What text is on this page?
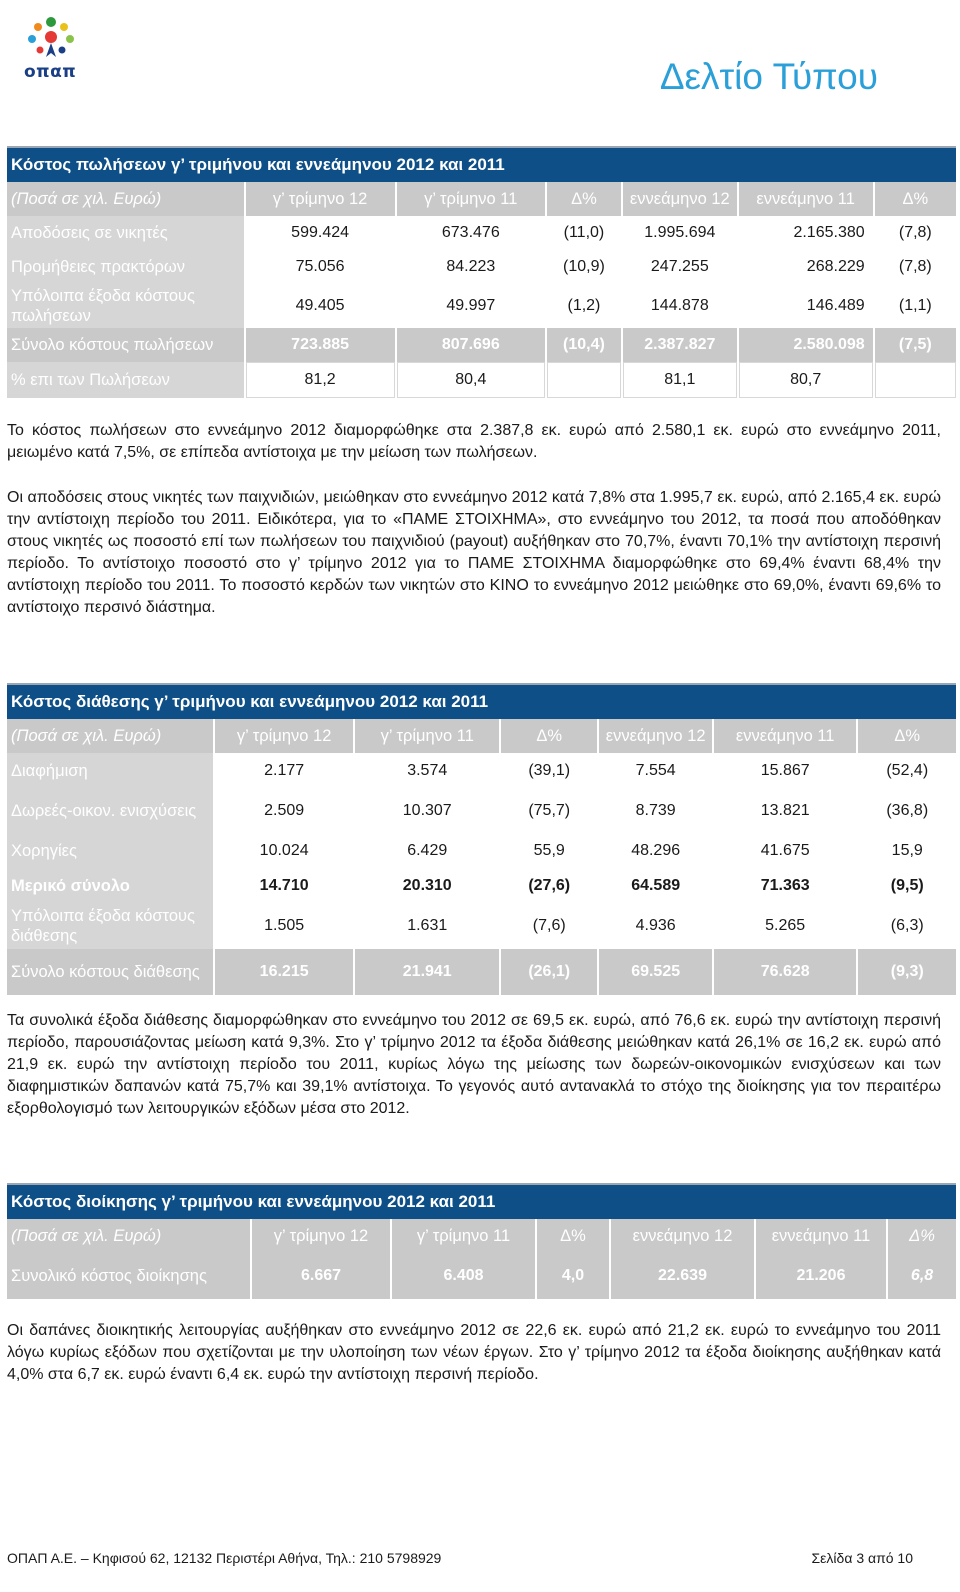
οπαπ	Δελτίο Τύπου
Κόστος πωλήσεων γ’ τριμήνου και εννεάμηνου 2012 και 2011						
(Ποσά σε χιλ. Ευρώ)	γ’ τρίμηνο 12	γ’ τρίμηνο 11	Δ%	εννεάμηνο 12	εννεάμηνο 11	Δ%
Αποδόσεις σε νικητές	599.424	673.476	(11,0)	1.995.694	2.165.380	(7,8)
Προμήθειες πρακτόρων	75.056	84.223	(10,9)	247.255	268.229	(7,8)
Υπόλοιπα έξοδα κόστους πωλήσεων	49.405	49.997	(1,2)	144.878	146.489	(1,1)
Σύνολο κόστους πωλήσεων	723.885	807.696	(10,4)	2.387.827	2.580.098	(7,5)
% επι των Πωλήσεων	81,2	80,4		81,1	80,7	

Το κόστος πωλήσεων στο εννεάμηνο 2012 διαμορφώθηκε στα 2.387,8 εκ. ευρώ από 2.580,1 εκ. ευρώ στο εννεάμηνο 2011, μειωμένο κατά 7,5%, σε επίπεδα αντίστοιχα με την μείωση των πωλήσεων.

Οι αποδόσεις στους νικητές των παιχνιδιών, μειώθηκαν στο εννεάμηνο 2012 κατά 7,8% στα 1.995,7 εκ. ευρώ, από 2.165,4 εκ. ευρώ την αντίστοιχη περίοδο του 2011. Ειδικότερα, για το «ΠΑΜΕ ΣΤΟΙΧΗΜΑ», στο εννεάμηνο του 2012, τα ποσά που αποδόθηκαν στους νικητές ως ποσοστό επί των πωλήσεων του παιχνιδιού (payout) αυξήθηκαν στο 70,7%, έναντι 70,1% την αντίστοιχη περσινή περίοδο. Το αντίστοιχο ποσοστό στο γ’ τρίμηνο 2012 για το ΠΑΜΕ ΣΤΟΙΧΗΜΑ διαμορφώθηκε στο 69,4% έναντι 68,4% την αντίστοιχη περίοδο του 2011. Το ποσοστό κερδών των νικητών στο ΚΙΝΟ το εννεάμηνο 2012 μειώθηκε στο 69,0%, έναντι 69,6% το αντίστοιχο περσινό διάστημα.

Κόστος διάθεσης γ’ τριμήνου και εννεάμηνου 2012 και 2011						
(Ποσά σε χιλ. Ευρώ)	γ’ τρίμηνο 12	γ’ τρίμηνο 11	Δ%	εννεάμηνο 12	εννεάμηνο 11	Δ%
Διαφήμιση	2.177	3.574	(39,1)	7.554	15.867	(52,4)
Δωρεές-οικον. ενισχύσεις	2.509	10.307	(75,7)	8.739	13.821	(36,8)
Χορηγίες	10.024	6.429	55,9	48.296	41.675	15,9
Μερικό σύνολο	14.710	20.310	(27,6)	64.589	71.363	(9,5)
Υπόλοιπα έξοδα κόστους διάθεσης	1.505	1.631	(7,6)	4.936	5.265	(6,3)
Σύνολο κόστους διάθεσης	16.215	21.941	(26,1)	69.525	76.628	(9,3)

Τα συνολικά έξοδα διάθεσης διαμορφώθηκαν στο εννεάμηνο του 2012 σε 69,5 εκ. ευρώ, από 76,6 εκ. ευρώ την αντίστοιχη περσινή περίοδο, παρουσιάζοντας μείωση κατά 9,3%. Στο γ’ τρίμηνο 2012 τα έξοδα διάθεσης μειώθηκαν κατά 26,1% σε 16,2 εκ. ευρώ από 21,9 εκ. ευρώ την αντίστοιχη περίοδο του 2011, κυρίως λόγω της μείωσης των δωρεών-οικονομικών ενισχύσεων και των διαφημιστικών δαπανών κατά 75,7% και 39,1% αντίστοιχα. Το γεγονός αυτό αντανακλά το στόχο της διοίκησης για τον περαιτέρω εξορθολογισμό των λειτουργικών εξόδων μέσα στο 2012.

Κόστος διοίκησης γ’ τριμήνου και εννεάμηνου 2012 και 2011						
(Ποσά σε χιλ. Ευρώ)	γ’ τρίμηνο 12	γ’ τρίμηνο 11	Δ%	εννεάμηνο 12	εννεάμηνο 11	Δ%
Συνολικό κόστος διοίκησης	6.667	6.408	4,0	22.639	21.206	6,8

Οι δαπάνες διοικητικής λειτουργίας αυξήθηκαν στο εννεάμηνο 2012 σε 22,6 εκ. ευρώ από 21,2 εκ. ευρώ το εννεάμηνο του 2011 λόγω κυρίως εξόδων που σχετίζονται με την υλοποίηση των νέων έργων. Στο γ’ τρίμηνο 2012 τα έξοδα διοίκησης αυξήθηκαν κατά 4,0% στα 6,7 εκ. ευρώ έναντι 6,4 εκ. ευρώ την αντίστοιχη περσινή περίοδο.

ΟΠΑΠ Α.Ε. – Κηφισού 62, 12132 Περιστέρι Αθήνα, Τηλ.: 210 5798929	Σελίδα 3 από 10
